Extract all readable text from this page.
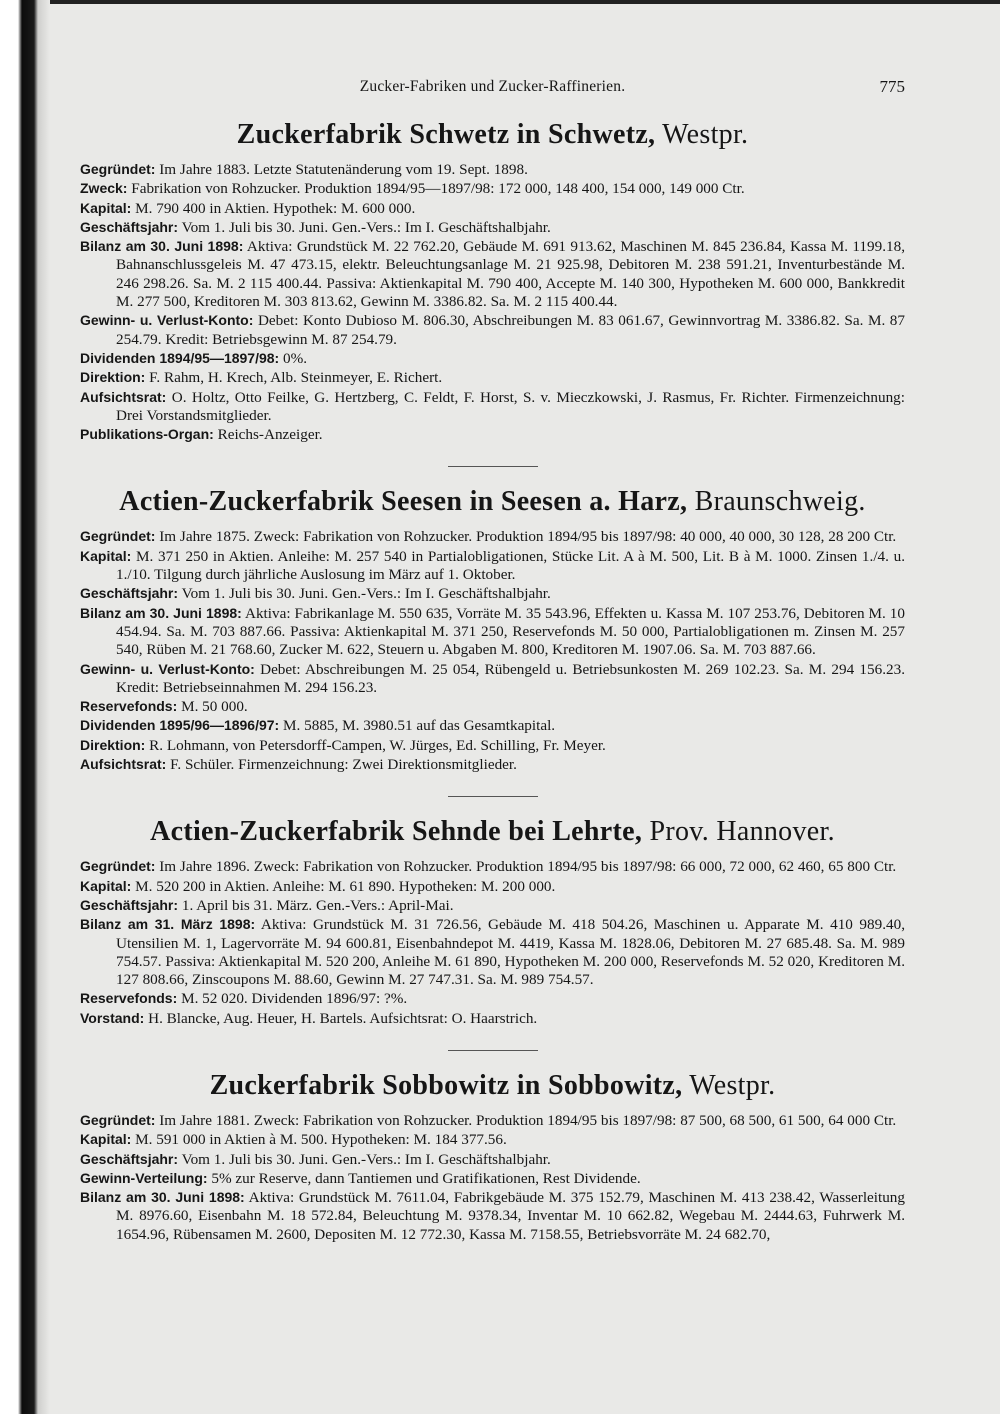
Zucker-Fabriken und Zucker-Raffinerien.	775
Zuckerfabrik Schwetz in Schwetz, Westpr.

Gegründet: Im Jahre 1883. Letzte Statutenänderung vom 19. Sept. 1898.

Zweck: Fabrikation von Rohzucker. Produktion 1894/95—1897/98: 172 000, 148 400, 154 000, 149 000 Ctr.

Kapital: M. 790 400 in Aktien. Hypothek: M. 600 000.

Geschäftsjahr: Vom 1. Juli bis 30. Juni. Gen.-Vers.: Im I. Geschäftshalbjahr.

Bilanz am 30. Juni 1898: Aktiva: Grundstück M. 22 762.20, Gebäude M. 691 913.62, Maschinen M. 845 236.84, Kassa M. 1199.18, Bahnanschlussgeleis M. 47 473.15, elektr. Beleuchtungsanlage M. 21 925.98, Debitoren M. 238 591.21, Inventurbestände M. 246 298.26. Sa. M. 2 115 400.44. Passiva: Aktienkapital M. 790 400, Accepte M. 140 300, Hypotheken M. 600 000, Bankkredit M. 277 500, Kreditoren M. 303 813.62, Gewinn M. 3386.82. Sa. M. 2 115 400.44.

Gewinn- u. Verlust-Konto: Debet: Konto Dubioso M. 806.30, Abschreibungen M. 83 061.67, Gewinnvortrag M. 3386.82. Sa. M. 87 254.79. Kredit: Betriebsgewinn M. 87 254.79.

Dividenden 1894/95—1897/98: 0%.

Direktion: F. Rahm, H. Krech, Alb. Steinmeyer, E. Richert.

Aufsichtsrat: O. Holtz, Otto Feilke, G. Hertzberg, C. Feldt, F. Horst, S. v. Mieczkowski, J. Rasmus, Fr. Richter. Firmenzeichnung: Drei Vorstandsmitglieder.

Publikations-Organ: Reichs-Anzeiger.

Actien-Zuckerfabrik Seesen in Seesen a. Harz, Braunschweig.

Gegründet: Im Jahre 1875. Zweck: Fabrikation von Rohzucker. Produktion 1894/95 bis 1897/98: 40 000, 40 000, 30 128, 28 200 Ctr.

Kapital: M. 371 250 in Aktien. Anleihe: M. 257 540 in Partialobligationen, Stücke Lit. A à M. 500, Lit. B à M. 1000. Zinsen 1./4. u. 1./10. Tilgung durch jährliche Auslosung im März auf 1. Oktober.

Geschäftsjahr: Vom 1. Juli bis 30. Juni. Gen.-Vers.: Im I. Geschäftshalbjahr.

Bilanz am 30. Juni 1898: Aktiva: Fabrikanlage M. 550 635, Vorräte M. 35 543.96, Effekten u. Kassa M. 107 253.76, Debitoren M. 10 454.94. Sa. M. 703 887.66. Passiva: Aktienkapital M. 371 250, Reservefonds M. 50 000, Partialobligationen m. Zinsen M. 257 540, Rüben M. 21 768.60, Zucker M. 622, Steuern u. Abgaben M. 800, Kreditoren M. 1907.06. Sa. M. 703 887.66.

Gewinn- u. Verlust-Konto: Debet: Abschreibungen M. 25 054, Rübengeld u. Betriebsunkosten M. 269 102.23. Sa. M. 294 156.23. Kredit: Betriebseinnahmen M. 294 156.23.

Reservefonds: M. 50 000.

Dividenden 1895/96—1896/97: M. 5885, M. 3980.51 auf das Gesamtkapital.

Direktion: R. Lohmann, von Petersdorff-Campen, W. Jürges, Ed. Schilling, Fr. Meyer.

Aufsichtsrat: F. Schüler. Firmenzeichnung: Zwei Direktionsmitglieder.

Actien-Zuckerfabrik Sehnde bei Lehrte, Prov. Hannover.

Gegründet: Im Jahre 1896. Zweck: Fabrikation von Rohzucker. Produktion 1894/95 bis 1897/98: 66 000, 72 000, 62 460, 65 800 Ctr.

Kapital: M. 520 200 in Aktien. Anleihe: M. 61 890. Hypotheken: M. 200 000.

Geschäftsjahr: 1. April bis 31. März. Gen.-Vers.: April-Mai.

Bilanz am 31. März 1898: Aktiva: Grundstück M. 31 726.56, Gebäude M. 418 504.26, Maschinen u. Apparate M. 410 989.40, Utensilien M. 1, Lagervorräte M. 94 600.81, Eisenbahndepot M. 4419, Kassa M. 1828.06, Debitoren M. 27 685.48. Sa. M. 989 754.57. Passiva: Aktienkapital M. 520 200, Anleihe M. 61 890, Hypotheken M. 200 000, Reservefonds M. 52 020, Kreditoren M. 127 808.66, Zinscoupons M. 88.60, Gewinn M. 27 747.31. Sa. M. 989 754.57.

Reservefonds: M. 52 020. Dividenden 1896/97: ?%.

Vorstand: H. Blancke, Aug. Heuer, H. Bartels. Aufsichtsrat: O. Haarstrich.

Zuckerfabrik Sobbowitz in Sobbowitz, Westpr.

Gegründet: Im Jahre 1881. Zweck: Fabrikation von Rohzucker. Produktion 1894/95 bis 1897/98: 87 500, 68 500, 61 500, 64 000 Ctr.

Kapital: M. 591 000 in Aktien à M. 500. Hypotheken: M. 184 377.56.

Geschäftsjahr: Vom 1. Juli bis 30. Juni. Gen.-Vers.: Im I. Geschäftshalbjahr.

Gewinn-Verteilung: 5% zur Reserve, dann Tantiemen und Gratifikationen, Rest Dividende.

Bilanz am 30. Juni 1898: Aktiva: Grundstück M. 7611.04, Fabrikgebäude M. 375 152.79, Maschinen M. 413 238.42, Wasserleitung M. 8976.60, Eisenbahn M. 18 572.84, Beleuchtung M. 9378.34, Inventar M. 10 662.82, Wegebau M. 2444.63, Fuhrwerk M. 1654.96, Rübensamen M. 2600, Depositen M. 12 772.30, Kassa M. 7158.55, Betriebsvorräte M. 24 682.70,
